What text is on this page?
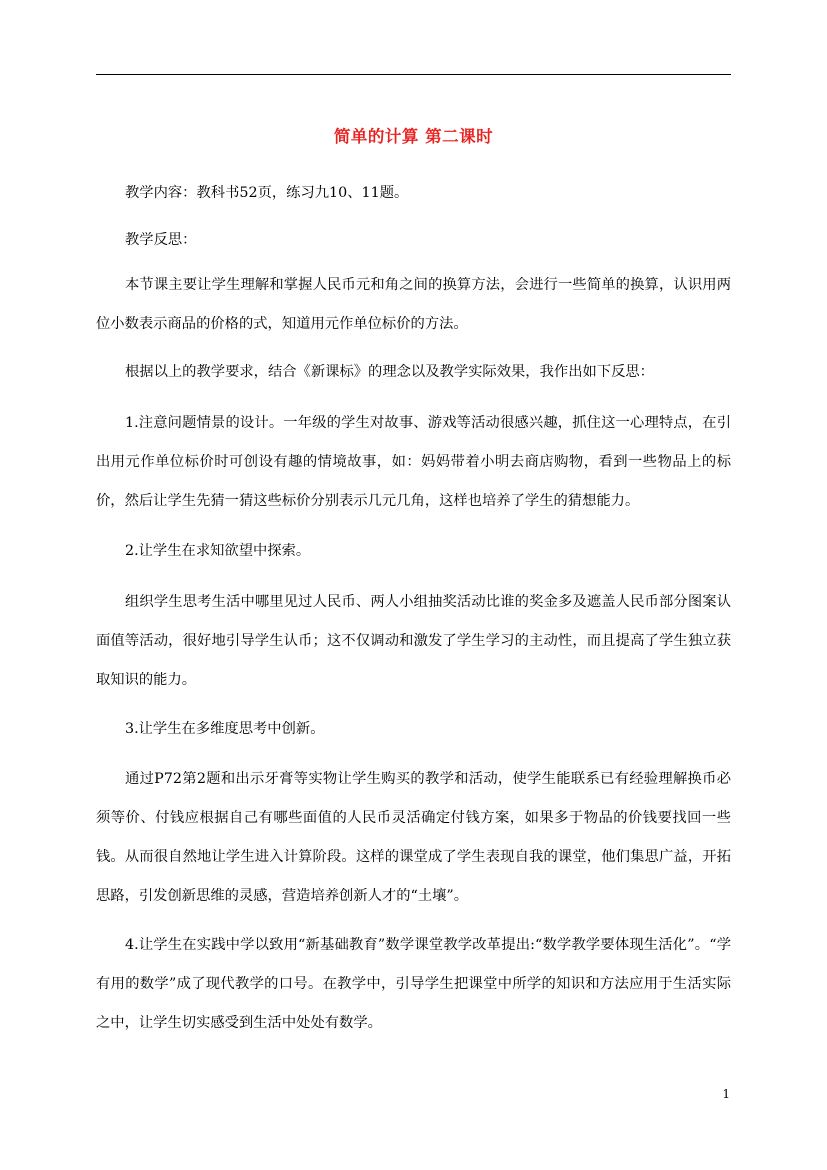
简单的计算 第二课时

教学内容：教科书52页，练习九10、11题。

教学反思：

本节课主要让学生理解和掌握人民币元和角之间的换算方法，会进行一些简单的换算，认识用两位小数表示商品的价格的式，知道用元作单位标价的方法。

根据以上的教学要求，结合《新课标》的理念以及教学实际效果，我作出如下反思：

1.注意问题情景的设计。一年级的学生对故事、游戏等活动很感兴趣，抓住这一心理特点，在引出用元作单位标价时可创设有趣的情境故事，如：妈妈带着小明去商店购物，看到一些物品上的标价，然后让学生先猜一猜这些标价分别表示几元几角，这样也培养了学生的猜想能力。

2.让学生在求知欲望中探索。

组织学生思考生活中哪里见过人民币、两人小组抽奖活动比谁的奖金多及遮盖人民币部分图案认面值等活动，很好地引导学生认币；这不仅调动和激发了学生学习的主动性，而且提高了学生独立获取知识的能力。

3.让学生在多维度思考中创新。

通过P72第2题和出示牙膏等实物让学生购买的教学和活动，使学生能联系已有经验理解换币必须等价、付钱应根据自己有哪些面值的人民币灵活确定付钱方案，如果多于物品的价钱要找回一些钱。从而很自然地让学生进入计算阶段。这样的课堂成了学生表现自我的课堂，他们集思广益，开拓思路，引发创新思维的灵感，营造培养创新人才的“土壤”。

4.让学生在实践中学以致用“新基础教育”数学课堂教学改革提出:“数学教学要体现生活化”。“学有用的数学”成了现代教学的口号。在教学中，引导学生把课堂中所学的知识和方法应用于生活实际之中，让学生切实感受到生活中处处有数学。

1
